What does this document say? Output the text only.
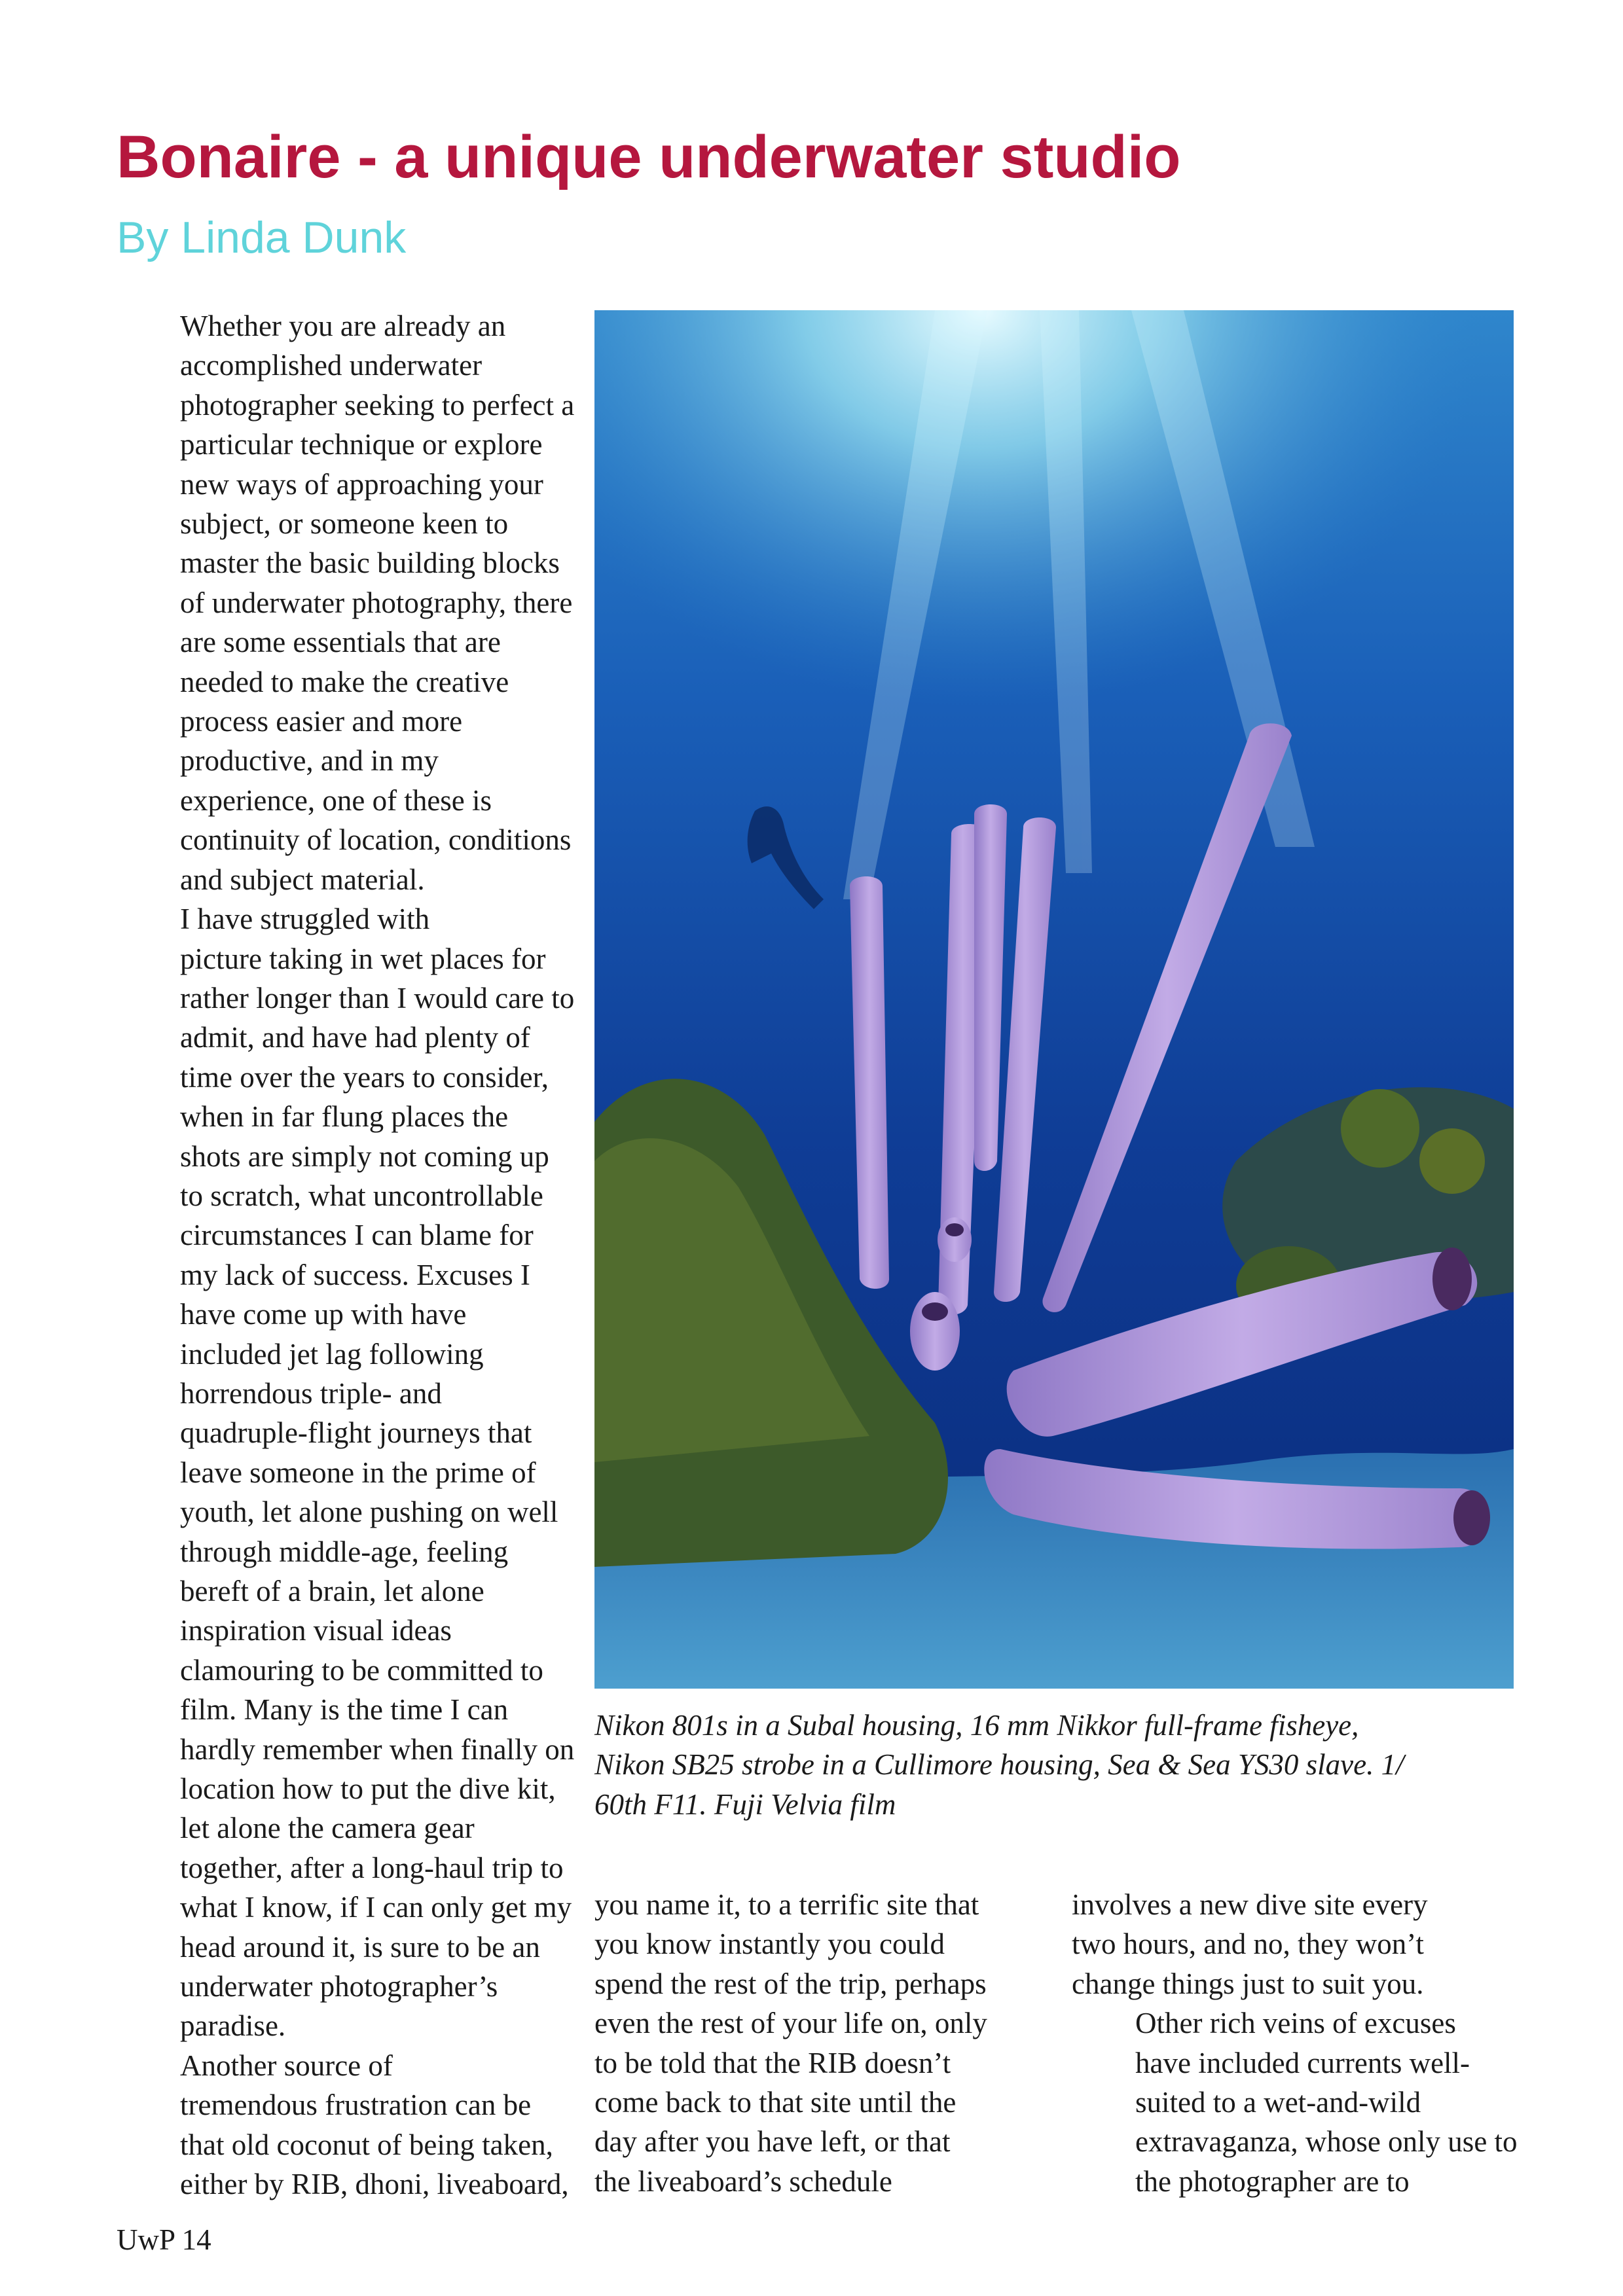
Bonaire - a unique underwater studio
By Linda Dunk

Whether you are already an
accomplished underwater
photographer seeking to perfect a
particular technique or explore
new ways of approaching your
subject, or someone keen to
master the basic building blocks
of underwater photography, there
are some essentials that are
needed to make the creative
process easier and more
productive, and in my
experience, one of these is
continuity of location, conditions
and subject material.

I have struggled with
picture taking in wet places for
rather longer than I would care to
admit, and have had plenty of
time over the years to consider,
when in far flung places the
shots are simply not coming up
to scratch, what uncontrollable
circumstances I can blame for
my lack of success. Excuses I
have come up with have
included jet lag following
horrendous triple- and
quadruple-flight journeys that
leave someone in the prime of
youth, let alone pushing on well
through middle-age, feeling
bereft of a brain, let alone
inspiration visual ideas
clamouring to be committed to
film. Many is the time I can
hardly remember when finally on
location how to put the dive kit,
let alone the camera gear
together, after a long-haul trip to
what I know, if I can only get my
head around it, is sure to be an
underwater photographer’s
paradise.

Another source of
tremendous frustration can be
that old coconut of being taken,
either by RIB, dhoni, liveaboard,

Nikon 801s in a Subal housing, 16 mm Nikkor full-frame fisheye,
Nikon SB25 strobe in a Cullimore housing, Sea & Sea YS30 slave. 1/
60th F11. Fuji Velvia film

you name it, to a terrific site that
you know instantly you could
spend the rest of the trip, perhaps
even the rest of your life on, only
to be told that the RIB doesn’t
come back to that site until the
day after you have left, or that
the liveaboard’s schedule

involves a new dive site every
two hours, and no, they won’t
change things just to suit you.

Other rich veins of excuses
have included currents well-
suited to a wet-and-wild
extravaganza, whose only use to
the photographer are to

UwP 14
